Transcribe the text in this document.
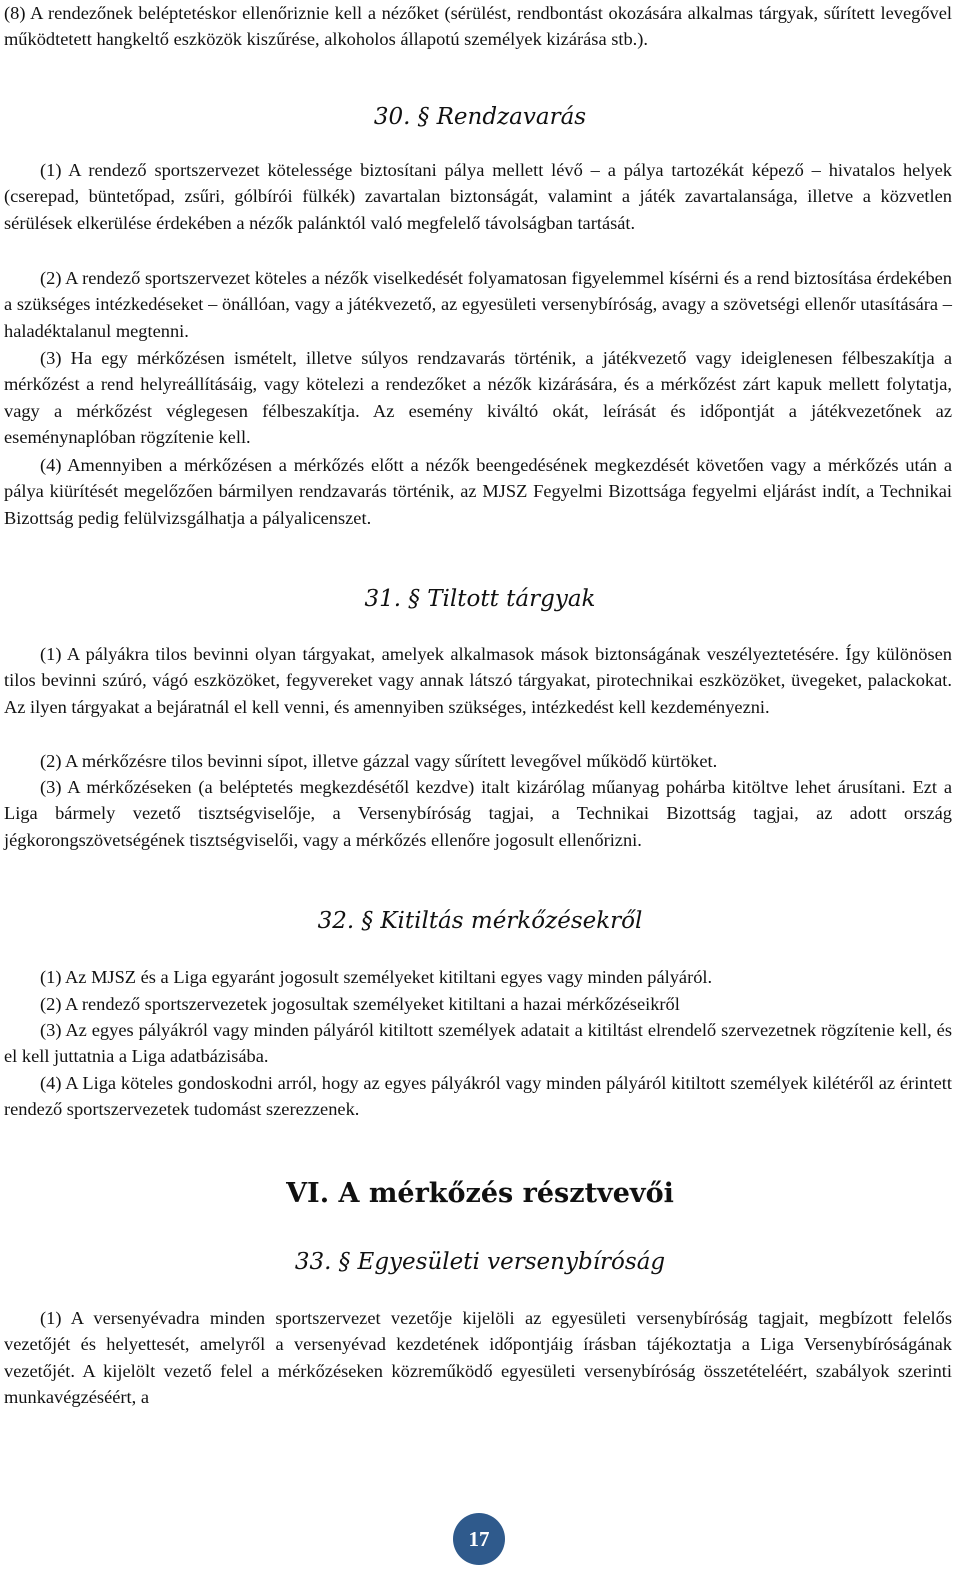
(8) A rendezőnek beléptetéskor ellenőriznie kell a nézőket (sérülést, rendbontást okozására alkalmas tárgyak, sűrített levegővel működtetett hangkeltő eszközök kiszűrése, alkoholos állapotú személyek kizárása stb.).

30. § Rendzavarás

(1) A rendező sportszervezet kötelessége biztosítani pálya mellett lévő – a pálya tartozékát képező – hivatalos helyek (cserepad, büntetőpad, zsűri, gólbírói fülkék) zavartalan biztonságát, valamint a játék zavartalansága, illetve a közvetlen sérülések elkerülése érdekében a nézők palánktól való megfelelő távolságban tartását.

(2) A rendező sportszervezet köteles a nézők viselkedését folyamatosan figyelemmel kísérni és a rend biztosítása érdekében a szükséges intézkedéseket – önállóan, vagy a játékvezető, az egyesületi versenybíróság, avagy a szövetségi ellenőr utasítására – haladéktalanul megtenni.

(3) Ha egy mérkőzésen ismételt, illetve súlyos rendzavarás történik, a játékvezető vagy ideiglenesen félbeszakítja a mérkőzést a rend helyreállításáig, vagy kötelezi a rendezőket a nézők kizárására, és a mérkőzést zárt kapuk mellett folytatja, vagy a mérkőzést véglegesen félbeszakítja. Az esemény kiváltó okát, leírását és időpontját a játékvezetőnek az eseménynaplóban rögzítenie kell.

(4) Amennyiben a mérkőzésen a mérkőzés előtt a nézők beengedésének megkezdését követően vagy a mérkőzés után a pálya kiürítését megelőzően bármilyen rendzavarás történik, az MJSZ Fegyelmi Bizottsága fegyelmi eljárást indít, a Technikai Bizottság pedig felülvizsgálhatja a pályalicenszet.

31. § Tiltott tárgyak

(1) A pályákra tilos bevinni olyan tárgyakat, amelyek alkalmasok mások biztonságának veszélyeztetésére. Így különösen tilos bevinni szúró, vágó eszközöket, fegyvereket vagy annak látszó tárgyakat, pirotechnikai eszközöket, üvegeket, palackokat. Az ilyen tárgyakat a bejáratnál el kell venni, és amennyiben szükséges, intézkedést kell kezdeményezni.

(2) A mérkőzésre tilos bevinni sípot, illetve gázzal vagy sűrített levegővel működő kürtöket.

(3) A mérkőzéseken (a beléptetés megkezdésétől kezdve) italt kizárólag műanyag pohárba kitöltve lehet árusítani. Ezt a Liga bármely vezető tisztségviselője, a Versenybíróság tagjai, a Technikai Bizottság tagjai, az adott ország jégkorongszövetségének tisztségviselői, vagy a mérkőzés ellenőre jogosult ellenőrizni.

32. § Kitiltás mérkőzésekről

(1) Az MJSZ és a Liga egyaránt jogosult személyeket kitiltani egyes vagy minden pályáról.

(2) A rendező sportszervezetek jogosultak személyeket kitiltani a hazai mérkőzéseikről

(3) Az egyes pályákról vagy minden pályáról kitiltott személyek adatait a kitiltást elrendelő szervezetnek rögzítenie kell, és el kell juttatnia a Liga adatbázisába.

(4) A Liga köteles gondoskodni arról, hogy az egyes pályákról vagy minden pályáról kitiltott személyek kilétéről az érintett rendező sportszervezetek tudomást szerezzenek.

VI. A mérkőzés résztvevői
33. § Egyesületi versenybíróság

(1) A versenyévadra minden sportszervezet vezetője kijelöli az egyesületi versenybíróság tagjait, megbízott felelős vezetőjét és helyettesét, amelyről a versenyévad kezdetének időpontjáig írásban tájékoztatja a Liga Versenybíróságának vezetőjét. A kijelölt vezető felel a mérkőzéseken közreműködő egyesületi versenybíróság összetételéért, szabályok szerinti munkavégzéséért, a

17
